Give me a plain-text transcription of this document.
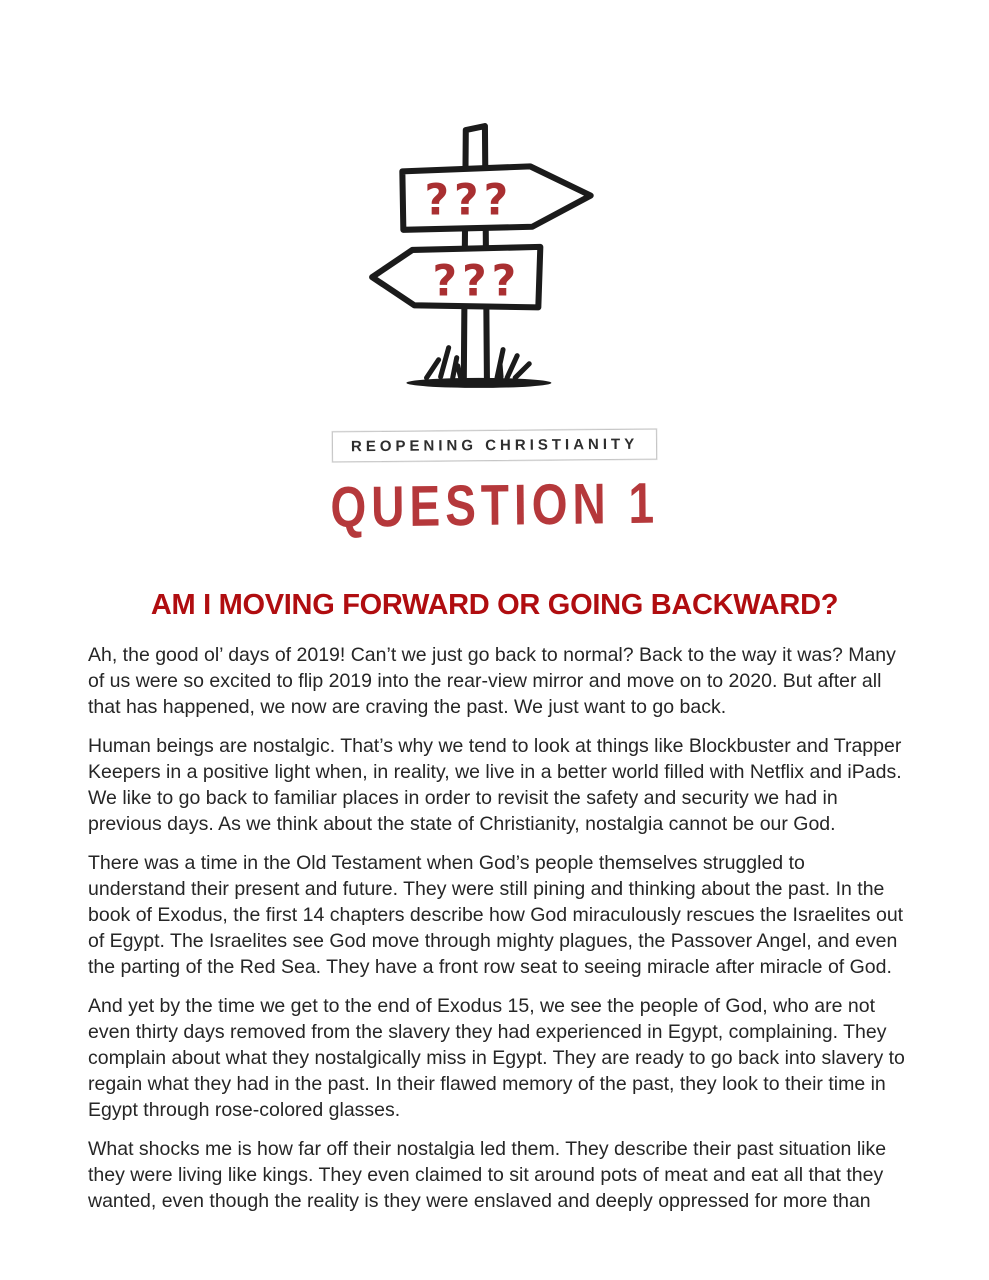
???
???
REOPENING CHRISTIANITY
QUESTION 1
AM I MOVING FORWARD OR GOING BACKWARD?

Ah, the good ol’ days of 2019! Can’t we just go back to normal? Back to the way it was? Many of us were so excited to flip 2019 into the rear-view mirror and move on to 2020. But after all that has happened, we now are craving the past. We just want to go back.

Human beings are nostalgic. That’s why we tend to look at things like Blockbuster and Trapper Keepers in a positive light when, in reality, we live in a better world filled with Netflix and iPads. We like to go back to familiar places in order to revisit the safety and security we had in previous days. As we think about the state of Christianity, nostalgia cannot be our God.

There was a time in the Old Testament when God’s people themselves struggled to understand their present and future. They were still pining and thinking about the past. In the book of Exodus, the first 14 chapters describe how God miraculously rescues the Israelites out of Egypt. The Israelites see God move through mighty plagues, the Passover Angel, and even the parting of the Red Sea. They have a front row seat to seeing miracle after miracle of God.

And yet by the time we get to the end of Exodus 15, we see the people of God, who are not even thirty days removed from the slavery they had experienced in Egypt, complaining. They complain about what they nostalgically miss in Egypt. They are ready to go back into slavery to regain what they had in the past. In their flawed memory of the past, they look to their time in Egypt through rose-colored glasses.

What shocks me is how far off their nostalgia led them. They describe their past situation like they were living like kings. They even claimed to sit around pots of meat and eat all that they wanted, even though the reality is they were enslaved and deeply oppressed for more than
